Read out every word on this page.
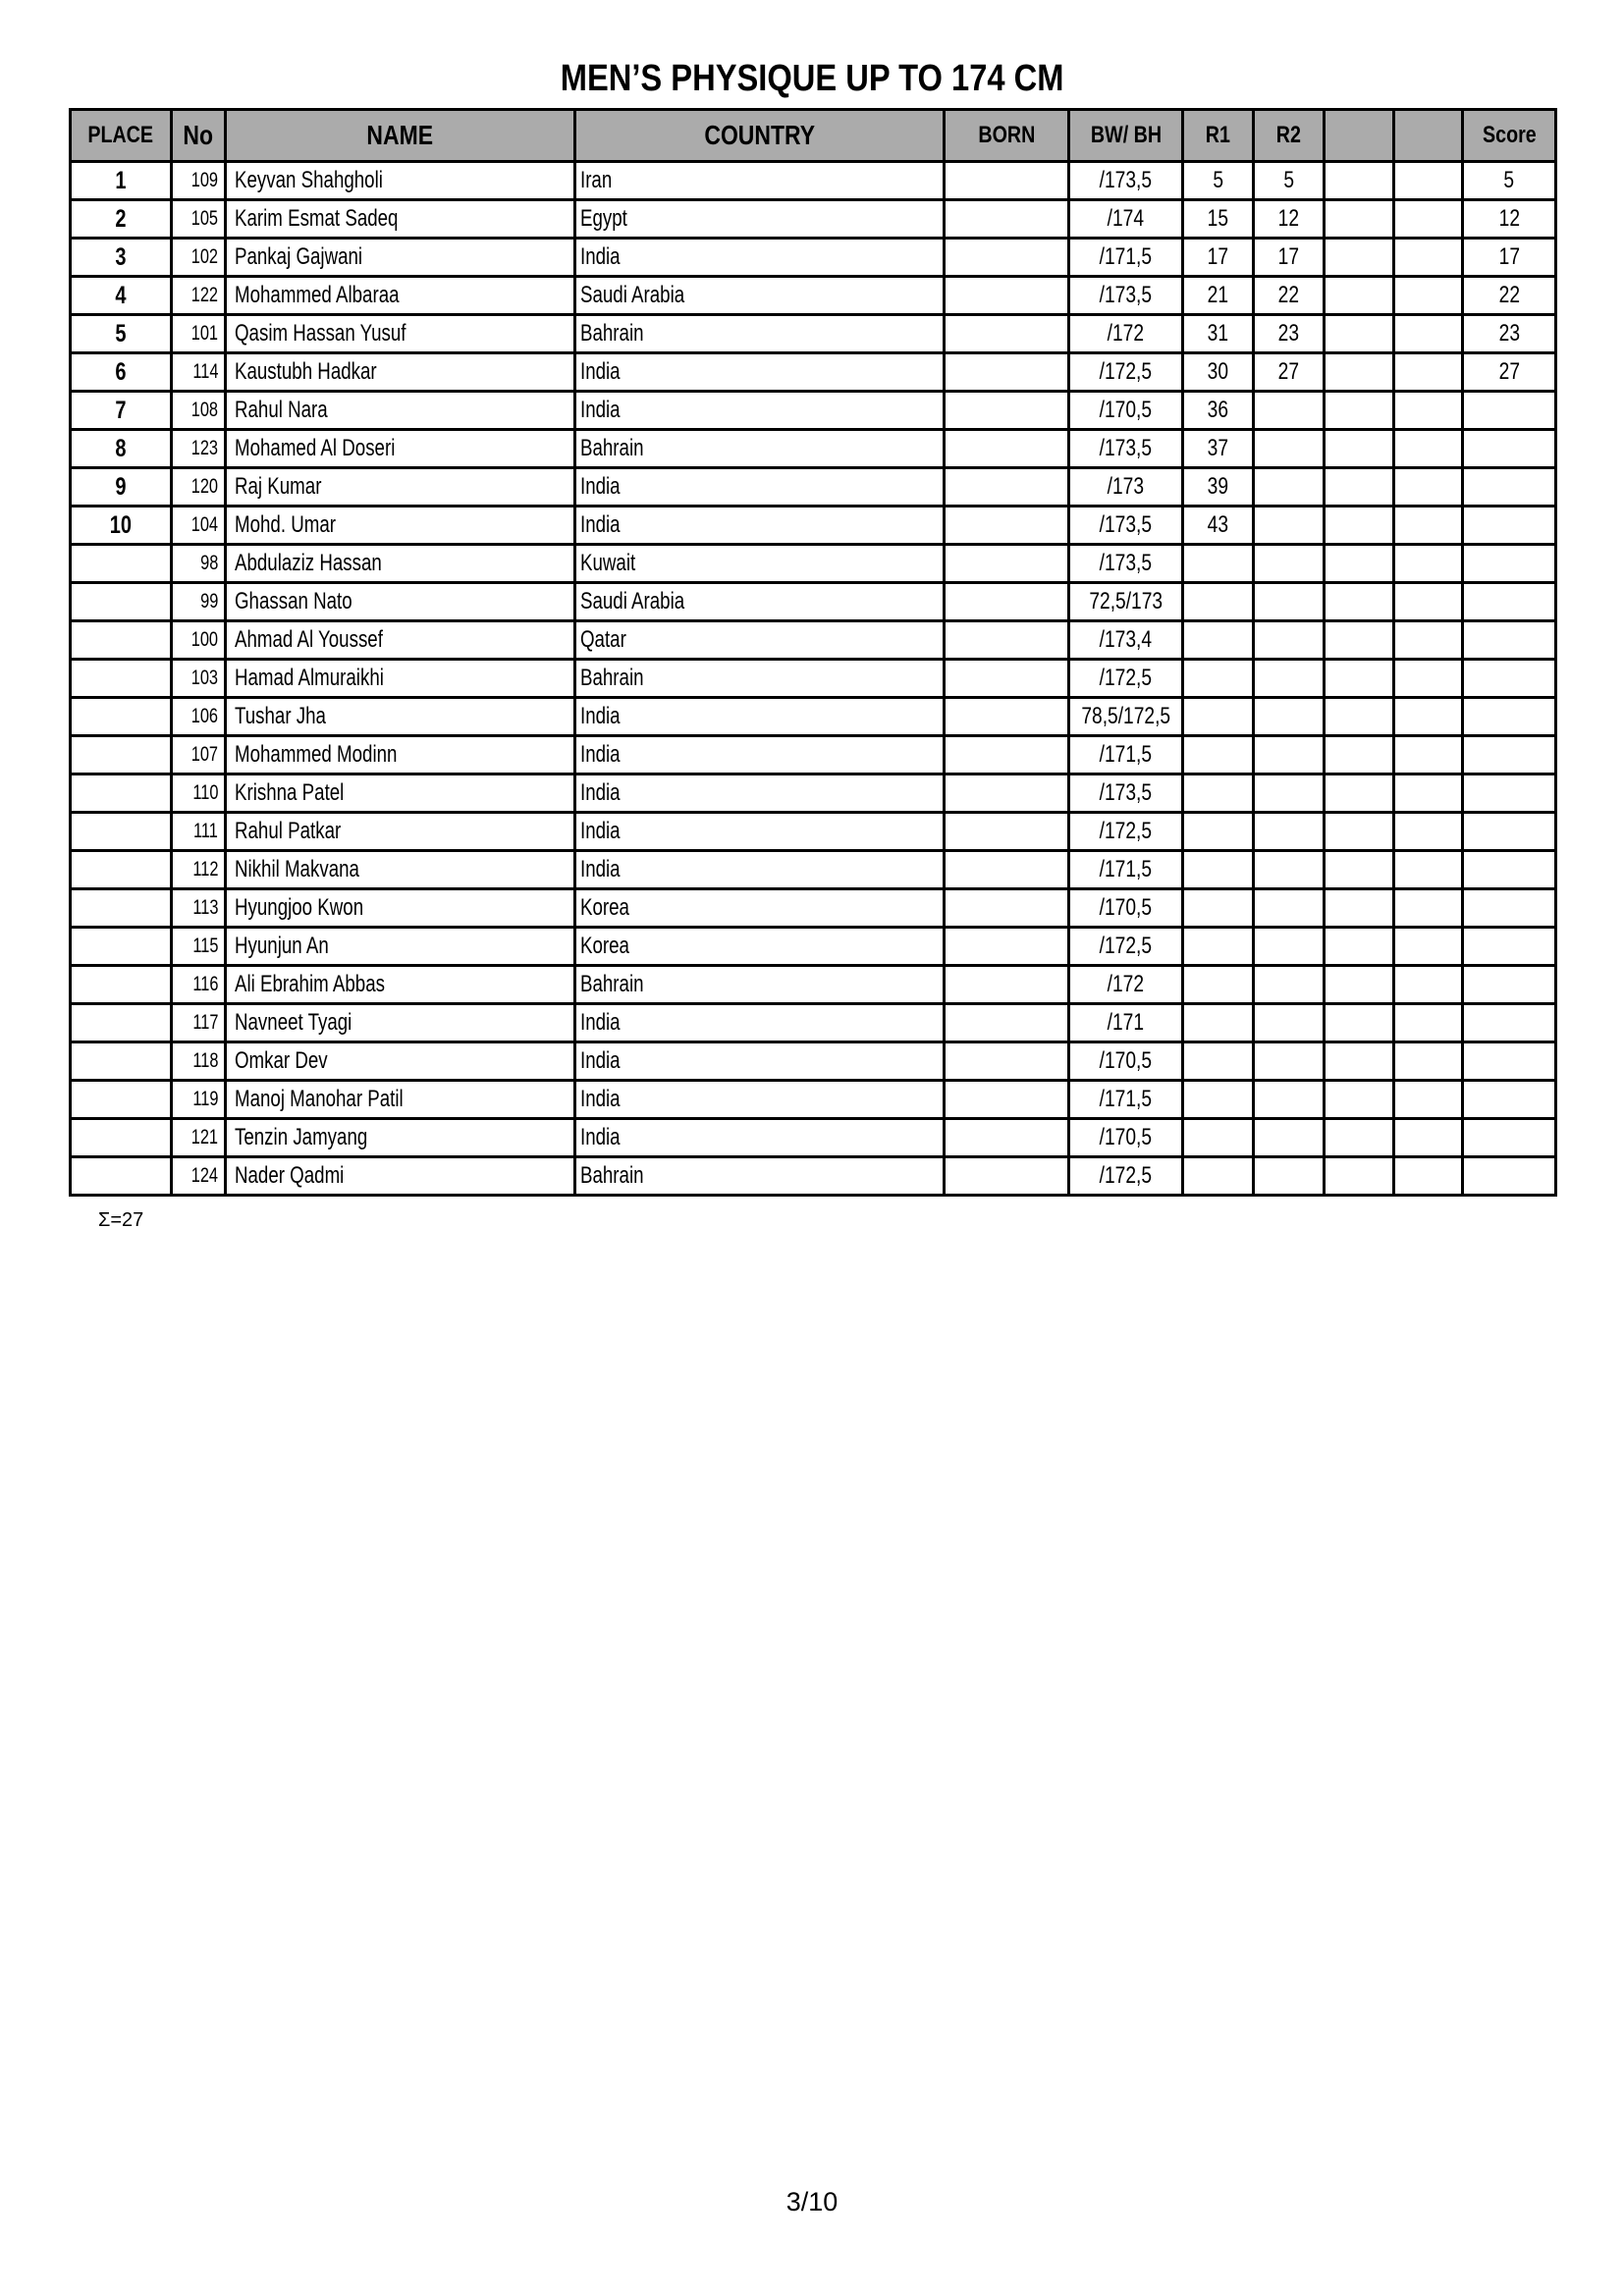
MEN’S PHYSIQUE UP TO 174 CM
PLACE	No	NAME	COUNTRY	BORN	BW/ BH	R1	R2			Score
1	109	Keyvan Shahgholi	Iran		/173,5	5	5			5
2	105	Karim Esmat Sadeq	Egypt		/174	15	12			12
3	102	Pankaj Gajwani	India		/171,5	17	17			17
4	122	Mohammed Albaraa	Saudi Arabia		/173,5	21	22			22
5	101	Qasim Hassan Yusuf	Bahrain		/172	31	23			23
6	114	Kaustubh Hadkar	India		/172,5	30	27			27
7	108	Rahul Nara	India		/170,5	36				
8	123	Mohamed Al Doseri	Bahrain		/173,5	37				
9	120	Raj Kumar	India		/173	39				
10	104	Mohd. Umar	India		/173,5	43				
	98	Abdulaziz Hassan	Kuwait		/173,5					
	99	Ghassan Nato	Saudi Arabia		72,5/173					
	100	Ahmad Al Youssef	Qatar		/173,4					
	103	Hamad Almuraikhi	Bahrain		/172,5					
	106	Tushar Jha	India		78,5/172,5					
	107	Mohammed Modinn	India		/171,5					
	110	Krishna Patel	India		/173,5					
	111	Rahul Patkar	India		/172,5					
	112	Nikhil Makvana	India		/171,5					
	113	Hyungjoo Kwon	Korea		/170,5					
	115	Hyunjun An	Korea		/172,5					
	116	Ali Ebrahim Abbas	Bahrain		/172					
	117	Navneet Tyagi	India		/171					
	118	Omkar Dev	India		/170,5					
	119	Manoj Manohar Patil	India		/171,5					
	121	Tenzin Jamyang	India		/170,5					
	124	Nader Qadmi	Bahrain		/172,5					
Σ=27
3/10
